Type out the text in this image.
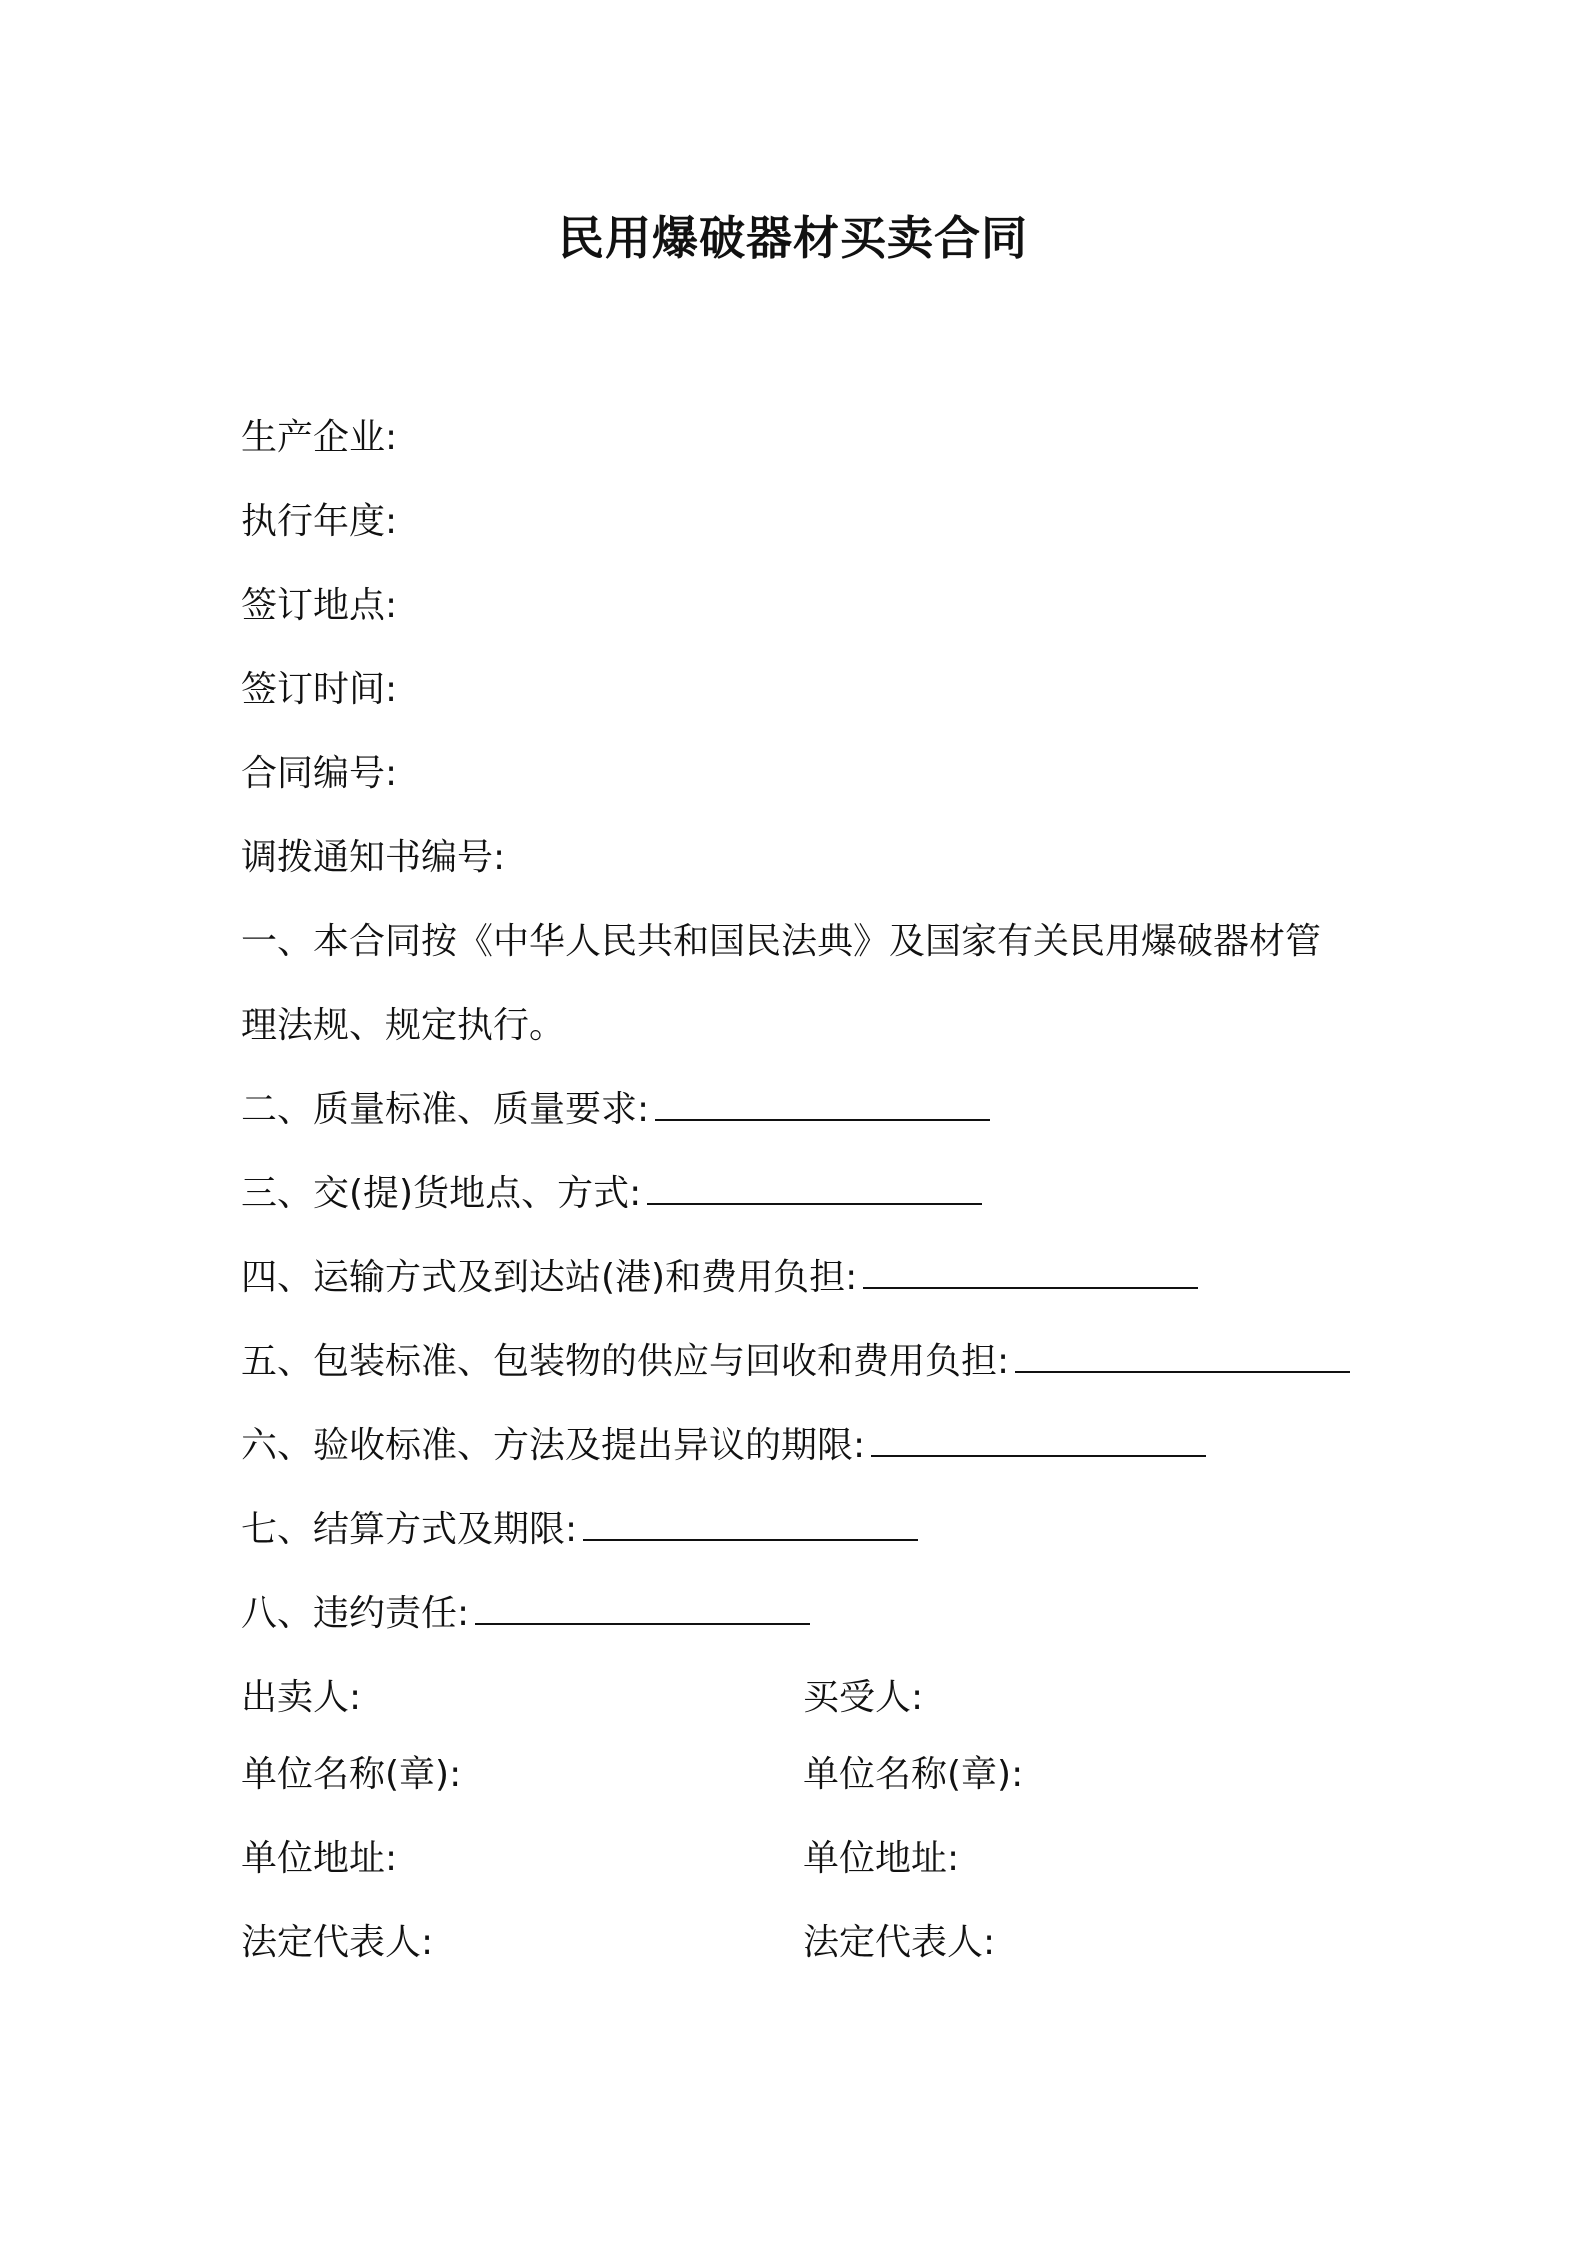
民用爆破器材买卖合同
生产企业:
执行年度:
签订地点:
签订时间:
合同编号:
调拨通知书编号:
一、本合同按《中华人民共和国民法典》及国家有关民用爆破器材管
理法规、规定执行。
二、质量标准、质量要求:
三、交(提)货地点、方式:
四、运输方式及到达站(港)和费用负担:
五、包装标准、包装物的供应与回收和费用负担:
六、验收标准、方法及提出异议的期限:
七、结算方式及期限:
八、违约责任:
出卖人:	买受人:
单位名称(章):	单位名称(章):
单位地址:	单位地址:
法定代表人:	法定代表人:
